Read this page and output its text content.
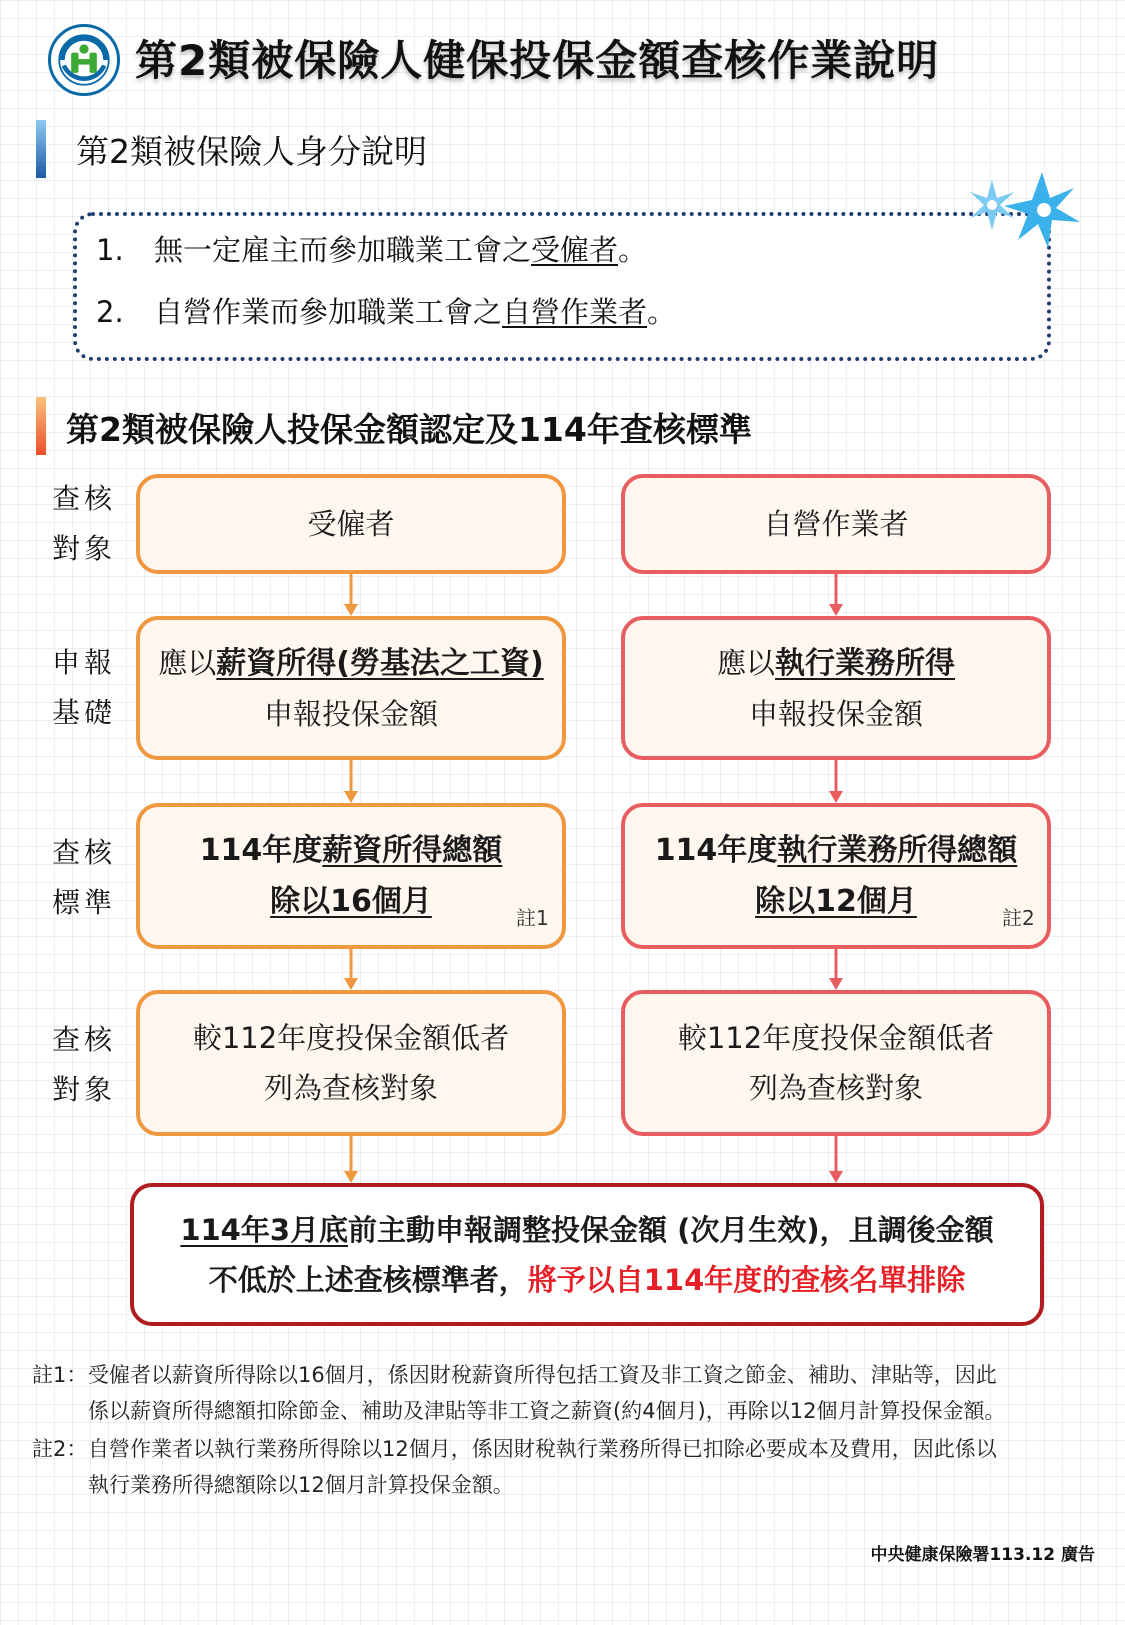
第2類被保險人健保投保金額查核作業說明
第2類被保險人身分說明
1. 無一定雇主而參加職業工會之受僱者。
2. 自營作業而參加職業工會之自營作業者。
第2類被保險人投保金額認定及114年查核標準
查核
對象
申報
基礎
查核
標準
查核
對象
受僱者
應以薪資所得(勞基法之工資)
申報投保金額
114年度薪資所得總額
除以16個月	註1
較112年度投保金額低者
列為查核對象
自營作業者
應以執行業務所得
申報投保金額
114年度執行業務所得總額
除以12個月	註2
較112年度投保金額低者
列為查核對象
114年3月底前主動申報調整投保金額 (次月生效)，且調後金額
不低於上述查核標準者，將予以自114年度的查核名單排除
註1： 受僱者以薪資所得除以16個月，係因財稅薪資所得包括工資及非工資之節金、補助、津貼等，因此
係以薪資所得總額扣除節金、補助及津貼等非工資之薪資(約4個月)，再除以12個月計算投保金額。
註2： 自營作業者以執行業務所得除以12個月，係因財稅執行業務所得已扣除必要成本及費用，因此係以
執行業務所得總額除以12個月計算投保金額。
中央健康保險署113.12 廣告
